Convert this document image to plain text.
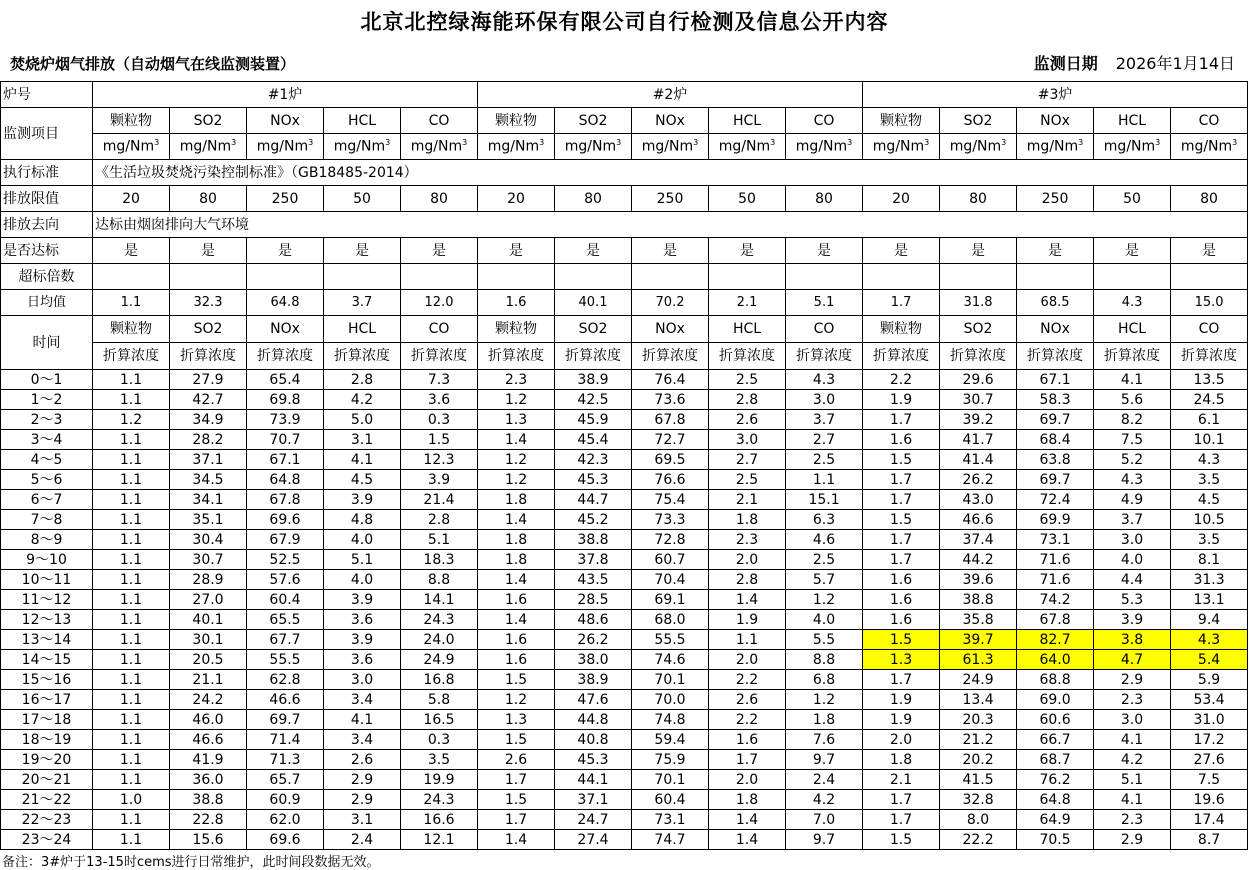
北京北控绿海能环保有限公司自行检测及信息公开内容
焚烧炉烟气排放（自动烟气在线监测装置）	监测日期 2026年1月14日
炉号	#1炉					#2炉					#3炉				
监测项目	颗粒物	SO2	NOx	HCL	CO	颗粒物	SO2	NOx	HCL	CO	颗粒物	SO2	NOx	HCL	CO
	mg/Nm$^3$	mg/Nm$^3$	mg/Nm$^3$	mg/Nm$^3$	mg/Nm$^3$	mg/Nm$^3$	mg/Nm$^3$	mg/Nm$^3$	mg/Nm$^3$	mg/Nm$^3$	mg/Nm$^3$	mg/Nm$^3$	mg/Nm$^3$	mg/Nm$^3$	mg/Nm$^3$
执行标准	《生活垃圾焚烧污染控制标准》（GB18485-2014）														
排放限值	20	80	250	50	80	20	80	250	50	80	20	80	250	50	80
排放去向	达标由烟囱排向大气环境														
是否达标	是	是	是	是	是	是	是	是	是	是	是	是	是	是	是
超标倍数															
日均值	1.1	32.3	64.8	3.7	12.0	1.6	40.1	70.2	2.1	5.1	1.7	31.8	68.5	4.3	15.0
时间	颗粒物	SO2	NOx	HCL	CO	颗粒物	SO2	NOx	HCL	CO	颗粒物	SO2	NOx	HCL	CO
	折算浓度	折算浓度	折算浓度	折算浓度	折算浓度	折算浓度	折算浓度	折算浓度	折算浓度	折算浓度	折算浓度	折算浓度	折算浓度	折算浓度	折算浓度
0～1	1.1	27.9	65.4	2.8	7.3	2.3	38.9	76.4	2.5	4.3	2.2	29.6	67.1	4.1	13.5
1～2	1.1	42.7	69.8	4.2	3.6	1.2	42.5	73.6	2.8	3.0	1.9	30.7	58.3	5.6	24.5
2～3	1.2	34.9	73.9	5.0	0.3	1.3	45.9	67.8	2.6	3.7	1.7	39.2	69.7	8.2	6.1
3～4	1.1	28.2	70.7	3.1	1.5	1.4	45.4	72.7	3.0	2.7	1.6	41.7	68.4	7.5	10.1
4～5	1.1	37.1	67.1	4.1	12.3	1.2	42.3	69.5	2.7	2.5	1.5	41.4	63.8	5.2	4.3
5～6	1.1	34.5	64.8	4.5	3.9	1.2	45.3	76.6	2.5	1.1	1.7	26.2	69.7	4.3	3.5
6～7	1.1	34.1	67.8	3.9	21.4	1.8	44.7	75.4	2.1	15.1	1.7	43.0	72.4	4.9	4.5
7～8	1.1	35.1	69.6	4.8	2.8	1.4	45.2	73.3	1.8	6.3	1.5	46.6	69.9	3.7	10.5
8～9	1.1	30.4	67.9	4.0	5.1	1.8	38.8	72.8	2.3	4.6	1.7	37.4	73.1	3.0	3.5
9～10	1.1	30.7	52.5	5.1	18.3	1.8	37.8	60.7	2.0	2.5	1.7	44.2	71.6	4.0	8.1
10～11	1.1	28.9	57.6	4.0	8.8	1.4	43.5	70.4	2.8	5.7	1.6	39.6	71.6	4.4	31.3
11～12	1.1	27.0	60.4	3.9	14.1	1.6	28.5	69.1	1.4	1.2	1.6	38.8	74.2	5.3	13.1
12～13	1.1	40.1	65.5	3.6	24.3	1.4	48.6	68.0	1.9	4.0	1.6	35.8	67.8	3.9	9.4
13～14	1.1	30.1	67.7	3.9	24.0	1.6	26.2	55.5	1.1	5.5	1.5	39.7	82.7	3.8	4.3
14～15	1.1	20.5	55.5	3.6	24.9	1.6	38.0	74.6	2.0	8.8	1.3	61.3	64.0	4.7	5.4
15～16	1.1	21.1	62.8	3.0	16.8	1.5	38.9	70.1	2.2	6.8	1.7	24.9	68.8	2.9	5.9
16～17	1.1	24.2	46.6	3.4	5.8	1.2	47.6	70.0	2.6	1.2	1.9	13.4	69.0	2.3	53.4
17～18	1.1	46.0	69.7	4.1	16.5	1.3	44.8	74.8	2.2	1.8	1.9	20.3	60.6	3.0	31.0
18～19	1.1	46.6	71.4	3.4	0.3	1.5	40.8	59.4	1.6	7.6	2.0	21.2	66.7	4.1	17.2
19～20	1.1	41.9	71.3	2.6	3.5	2.6	45.3	75.9	1.7	9.7	1.8	20.2	68.7	4.2	27.6
20～21	1.1	36.0	65.7	2.9	19.9	1.7	44.1	70.1	2.0	2.4	2.1	41.5	76.2	5.1	7.5
21～22	1.0	38.8	60.9	2.9	24.3	1.5	37.1	60.4	1.8	4.2	1.7	32.8	64.8	4.1	19.6
22～23	1.1	22.8	62.0	3.1	16.6	1.7	24.7	73.1	1.4	7.0	1.7	8.0	64.9	2.3	17.4
23～24	1.1	15.6	69.6	2.4	12.1	1.4	27.4	74.7	1.4	9.7	1.5	22.2	70.5	2.9	8.7
备注：3#炉于13-15时cems进行日常维护，此时间段数据无效。
